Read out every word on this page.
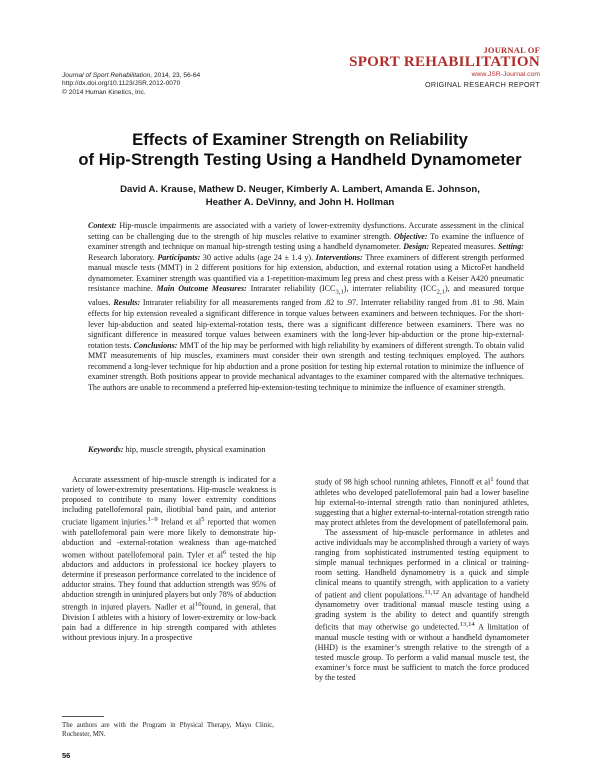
Journal of Sport Rehabilitation, 2014, 23, 56-64
http://dx.doi.org/10.1123/JSR.2012-0070
© 2014 Human Kinetics, Inc.
JOURNAL OF
SPORT REHABILITATION
www.JSR-Journal.com
ORIGINAL RESEARCH REPORT
Effects of Examiner Strength on Reliability
of Hip-Strength Testing Using a Handheld Dynamometer
David A. Krause, Mathew D. Neuger, Kimberly A. Lambert, Amanda E. Johnson,
Heather A. DeVinny, and John H. Hollman

Context: Hip-muscle impairments are associated with a variety of lower-extremity dysfunctions. Accurate assessment in the clinical setting can be challenging due to the strength of hip muscles relative to examiner strength. Objective: To examine the influence of examiner strength and technique on manual hip-strength testing using a handheld dynamometer. Design: Repeated measures. Setting: Research laboratory. Participants: 30 active adults (age 24 ± 1.4 y). Interventions: Three examiners of different strength performed manual muscle tests (MMT) in 2 different positions for hip extension, abduction, and external rotation using a MicroFet handheld dynamometer. Examiner strength was quantified via a 1-repetition-maximum leg press and chest press with a Keiser A420 pneumatic resistance machine. Main Outcome Measures: Intrarater reliability $(ICC_{3,1})$, interrater reliability $(ICC_{2,1})$, and measured torque values. Results: Intrarater reliability for all measurements ranged from .82 to .97. Interrater reliability ranged from .81 to .98. Main effects for hip extension revealed a significant difference in torque values between examiners and between techniques. For the short-lever hip-abduction and seated hip-external-rotation tests, there was a significant difference between examiners. There was no significant difference in measured torque values between examiners with the long-lever hip-abduction or the prone hip-external-rotation tests. Conclusions: MMT of the hip may be performed with high reliability by examiners of different strength. To obtain valid MMT measurements of hip muscles, examiners must consider their own strength and testing techniques employed. The authors recommend a long-lever technique for hip abduction and a prone position for testing hip external rotation to minimize the influence of examiner strength. Both positions appear to provide mechanical advantages to the examiner compared with the alternative techniques. The authors are unable to recommend a preferred hip-extension-testing technique to minimize the influence of examiner strength.

Keywords: hip, muscle strength, physical examination

Accurate assessment of hip-muscle strength is indicated for a variety of lower-extremity presentations. Hip-muscle weakness is proposed to contribute to many lower extremity conditions including patellofemoral pain, iliotibial band pain, and anterior cruciate ligament injuries.$^{1-9}$ Ireland et $al^5$ reported that women with patellofemoral pain were more likely to demonstrate hip-abduction and -external-rotation weakness than age-matched women without patellofemoral pain. Tyler et $al^6$ tested the hip abductors and adductors in professional ice hockey players to determine if preseason performance correlated to the incidence of adductor strains. They found that adduction strength was 95% of abduction strength in uninjured players but only 78% of abduction strength in injured players. Nadler et $al^{10}found$, in general, that Division I athletes with a history of lower-extremity or low-back pain had a difference in hip strength compared with athletes without previous injury. In a prospective

study of 98 high school running athletes, Finnoff et $al^1$ found that athletes who developed patellofemoral pain had a lower baseline hip external-to-internal strength ratio than noninjured athletes, suggesting that a higher external-to-internal-rotation strength ratio may protect athletes from the development of patellofemoral pain.

The assessment of hip-muscle performance in athletes and active individuals may be accomplished through a variety of ways ranging from sophisticated instrumented testing equipment to simple manual techniques performed in a clinical or training-room setting. Handheld dynamometry is a quick and simple clinical means to quantify strength, with application to a variety of patient and client populations.$^{11,12}$ An advantage of handheld dynamometry over traditional manual muscle testing using a grading system is the ability to detect and quantify strength deficits that may otherwise go undetected.$^{13,14}$ A limitation of manual muscle testing with or without a handheld dynamometer (HHD) is the examiner’s strength relative to the strength of a tested muscle group. To perform a valid manual muscle test, the examiner’s force must be sufficient to match the force produced by the tested

The authors are with the Program in Physical Therapy, Mayo Clinic, Rochester, MN.
56
